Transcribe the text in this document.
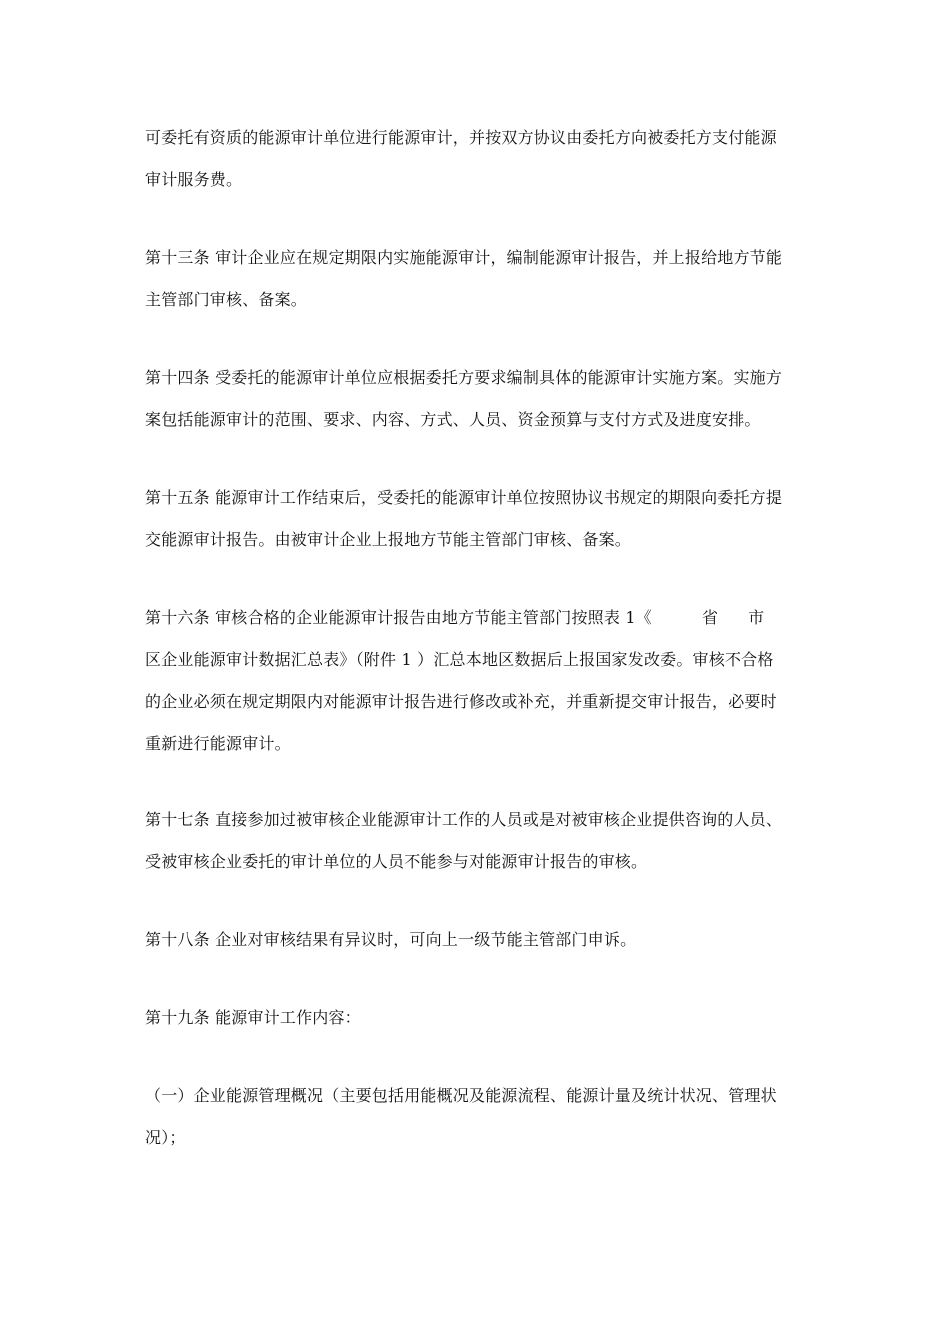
可委托有资质的能源审计单位进行能源审计，并按双方协议由委托方向被委托方支付能源
审计服务费。
第十三条 审计企业应在规定期限内实施能源审计，编制能源审计报告，并上报给地方节能
主管部门审核、备案。
第十四条 受委托的能源审计单位应根据委托方要求编制具体的能源审计实施方案。实施方
案包括能源审计的范围、要求、内容、方式、人员、资金预算与支付方式及进度安排。
第十五条 能源审计工作结束后，受委托的能源审计单位按照协议书规定的期限向委托方提
交能源审计报告。由被审计企业上报地方节能主管部门审核、备案。
第十六条 审核合格的企业能源审计报告由地方节能主管部门按照表 1《	省 市
区企业能源审计数据汇总表》（附件 1 ）汇总本地区数据后上报国家发改委。审核不合格
的企业必须在规定期限内对能源审计报告进行修改或补充，并重新提交审计报告，必要时
重新进行能源审计。
第十七条 直接参加过被审核企业能源审计工作的人员或是对被审核企业提供咨询的人员、
受被审核企业委托的审计单位的人员不能参与对能源审计报告的审核。
第十八条 企业对审核结果有异议时，可向上一级节能主管部门申诉。
第十九条 能源审计工作内容：
（一）企业能源管理概况（主要包括用能概况及能源流程、能源计量及统计状况、管理状
况）；
